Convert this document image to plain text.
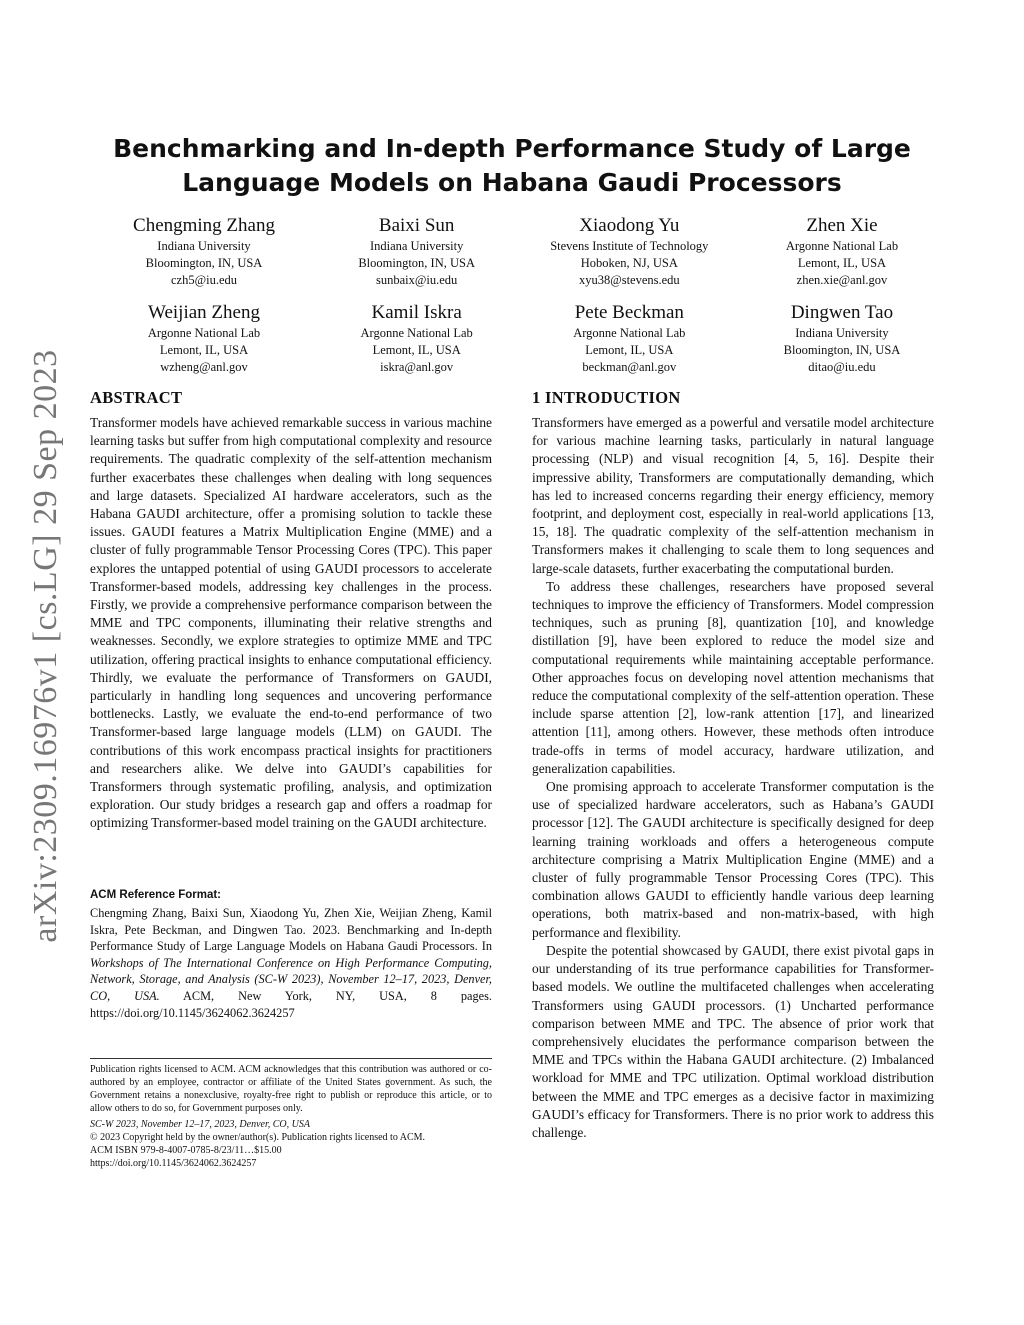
arXiv:2309.16976v1 [cs.LG] 29 Sep 2023
Benchmarking and In-depth Performance Study of Large Language Models on Habana Gaudi Processors
Chengming Zhang
Indiana University
Bloomington, IN, USA
czh5@iu.edu
Baixi Sun
Indiana University
Bloomington, IN, USA
sunbaix@iu.edu
Xiaodong Yu
Stevens Institute of Technology
Hoboken, NJ, USA
xyu38@stevens.edu
Zhen Xie
Argonne National Lab
Lemont, IL, USA
zhen.xie@anl.gov
Weijian Zheng
Argonne National Lab
Lemont, IL, USA
wzheng@anl.gov
Kamil Iskra
Argonne National Lab
Lemont, IL, USA
iskra@anl.gov
Pete Beckman
Argonne National Lab
Lemont, IL, USA
beckman@anl.gov
Dingwen Tao
Indiana University
Bloomington, IN, USA
ditao@iu.edu
ABSTRACT

Transformer models have achieved remarkable success in various machine learning tasks but suffer from high computational complexity and resource requirements. The quadratic complexity of the self-attention mechanism further exacerbates these challenges when dealing with long sequences and large datasets. Specialized AI hardware accelerators, such as the Habana GAUDI architecture, offer a promising solution to tackle these issues. GAUDI features a Matrix Multiplication Engine (MME) and a cluster of fully programmable Tensor Processing Cores (TPC). This paper explores the untapped potential of using GAUDI processors to accelerate Transformer-based models, addressing key challenges in the process. Firstly, we provide a comprehensive performance comparison between the MME and TPC components, illuminating their relative strengths and weaknesses. Secondly, we explore strategies to optimize MME and TPC utilization, offering practical insights to enhance computational efficiency. Thirdly, we evaluate the performance of Transformers on GAUDI, particularly in handling long sequences and uncovering performance bottlenecks. Lastly, we evaluate the end-to-end performance of two Transformer-based large language models (LLM) on GAUDI. The contributions of this work encompass practical insights for practitioners and researchers alike. We delve into GAUDI’s capabilities for Transformers through systematic profiling, analysis, and optimization exploration. Our study bridges a research gap and offers a roadmap for optimizing Transformer-based model training on the GAUDI architecture.

ACM Reference Format:

Chengming Zhang, Baixi Sun, Xiaodong Yu, Zhen Xie, Weijian Zheng, Kamil Iskra, Pete Beckman, and Dingwen Tao. 2023. Benchmarking and In-depth Performance Study of Large Language Models on Habana Gaudi Processors. In Workshops of The International Conference on High Performance Computing, Network, Storage, and Analysis (SC-W 2023), November 12–17, 2023, Denver, CO, USA. ACM, New York, NY, USA, 8 pages. https://doi.org/10.1145/3624062.3624257

Publication rights licensed to ACM. ACM acknowledges that this contribution was authored or co-authored by an employee, contractor or affiliate of the United States government. As such, the Government retains a nonexclusive, royalty-free right to publish or reproduce this article, or to allow others to do so, for Government purposes only.

SC-W 2023, November 12–17, 2023, Denver, CO, USA

© 2023 Copyright held by the owner/author(s). Publication rights licensed to ACM.

ACM ISBN 979-8-4007-0785-8/23/11…$15.00

https://doi.org/10.1145/3624062.3624257

1 INTRODUCTION

Transformers have emerged as a powerful and versatile model architecture for various machine learning tasks, particularly in natural language processing (NLP) and visual recognition [4, 5, 16]. Despite their impressive ability, Transformers are computationally demanding, which has led to increased concerns regarding their energy efficiency, memory footprint, and deployment cost, especially in real-world applications [13, 15, 18]. The quadratic complexity of the self-attention mechanism in Transformers makes it challenging to scale them to long sequences and large-scale datasets, further exacerbating the computational burden.

To address these challenges, researchers have proposed several techniques to improve the efficiency of Transformers. Model compression techniques, such as pruning [8], quantization [10], and knowledge distillation [9], have been explored to reduce the model size and computational requirements while maintaining acceptable performance. Other approaches focus on developing novel attention mechanisms that reduce the computational complexity of the self-attention operation. These include sparse attention [2], low-rank attention [17], and linearized attention [11], among others. However, these methods often introduce trade-offs in terms of model accuracy, hardware utilization, and generalization capabilities.

One promising approach to accelerate Transformer computation is the use of specialized hardware accelerators, such as Habana’s GAUDI processor [12]. The GAUDI architecture is specifically designed for deep learning training workloads and offers a heterogeneous compute architecture comprising a Matrix Multiplication Engine (MME) and a cluster of fully programmable Tensor Processing Cores (TPC). This combination allows GAUDI to efficiently handle various deep learning operations, both matrix-based and non-matrix-based, with high performance and flexibility.

Despite the potential showcased by GAUDI, there exist pivotal gaps in our understanding of its true performance capabilities for Transformer-based models. We outline the multifaceted challenges when accelerating Transformers using GAUDI processors. (1) Uncharted performance comparison between MME and TPC. The absence of prior work that comprehensively elucidates the performance comparison between the MME and TPCs within the Habana GAUDI architecture. (2) Imbalanced workload for MME and TPC utilization. Optimal workload distribution between the MME and TPC emerges as a decisive factor in maximizing GAUDI’s efficacy for Transformers. There is no prior work to address this challenge.
